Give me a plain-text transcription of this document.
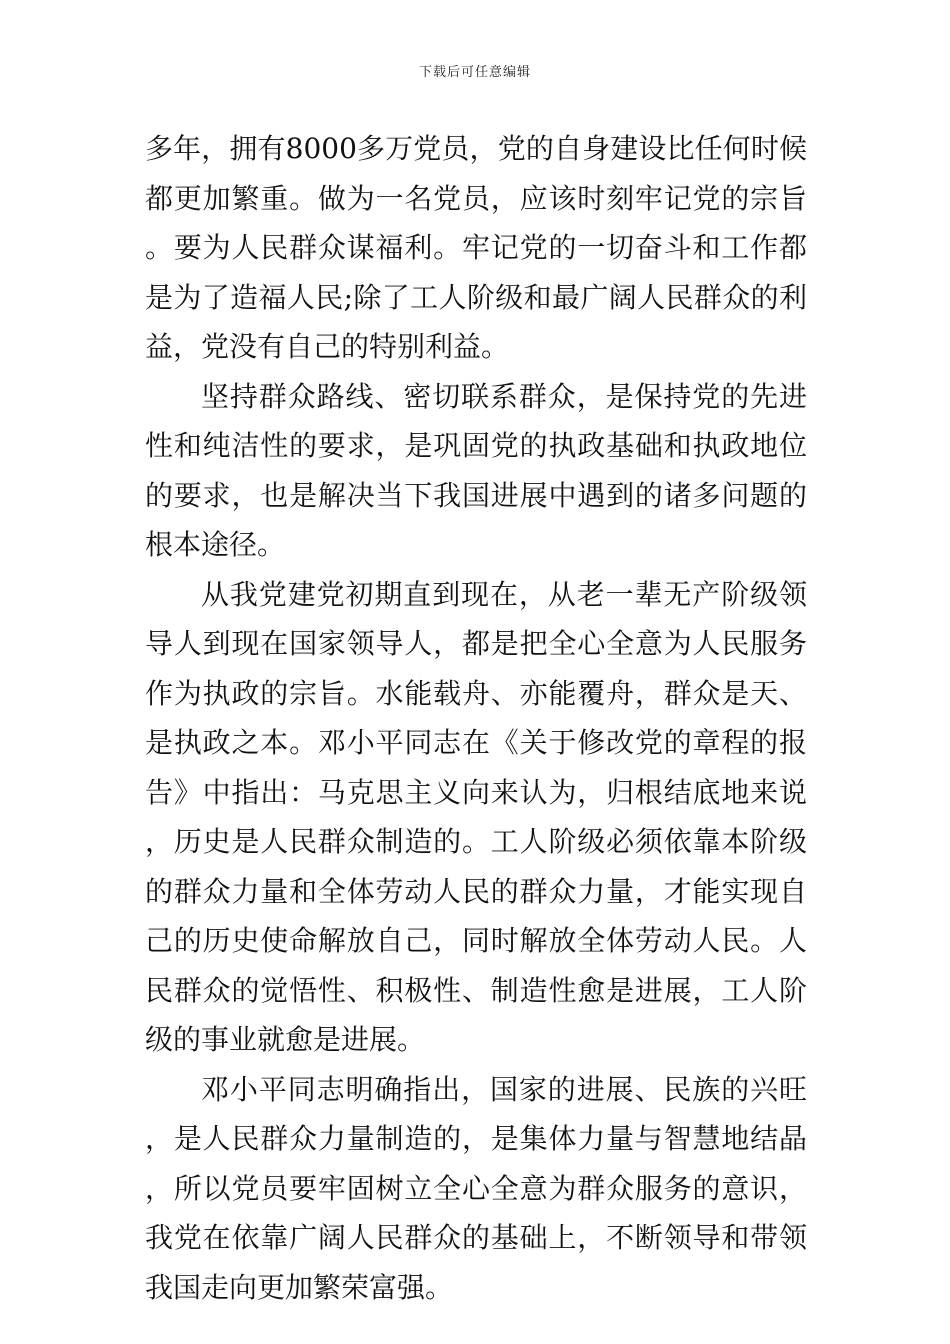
下载后可任意编辑

多年，拥有8000多万党员，党的自身建设比任何时候都更加繁重。做为一名党员，应该时刻牢记党的宗旨。要为人民群众谋福利。牢记党的一切奋斗和工作都是为了造福人民;除了工人阶级和最广阔人民群众的利益，党没有自己的特别利益。

坚持群众路线、密切联系群众，是保持党的先进性和纯洁性的要求，是巩固党的执政基础和执政地位的要求，也是解决当下我国进展中遇到的诸多问题的根本途径。

从我党建党初期直到现在，从老一辈无产阶级领导人到现在国家领导人，都是把全心全意为人民服务作为执政的宗旨。水能载舟、亦能覆舟，群众是天、是执政之本。邓小平同志在《关于修改党的章程的报告》中指出：马克思主义向来认为，归根结底地来说，历史是人民群众制造的。工人阶级必须依靠本阶级的群众力量和全体劳动人民的群众力量，才能实现自己的历史使命解放自己，同时解放全体劳动人民。人民群众的觉悟性、积极性、制造性愈是进展，工人阶级的事业就愈是进展。

邓小平同志明确指出，国家的进展、民族的兴旺，是人民群众力量制造的，是集体力量与智慧地结晶，所以党员要牢固树立全心全意为群众服务的意识，我党在依靠广阔人民群众的基础上，不断领导和带领我国走向更加繁荣富强。
